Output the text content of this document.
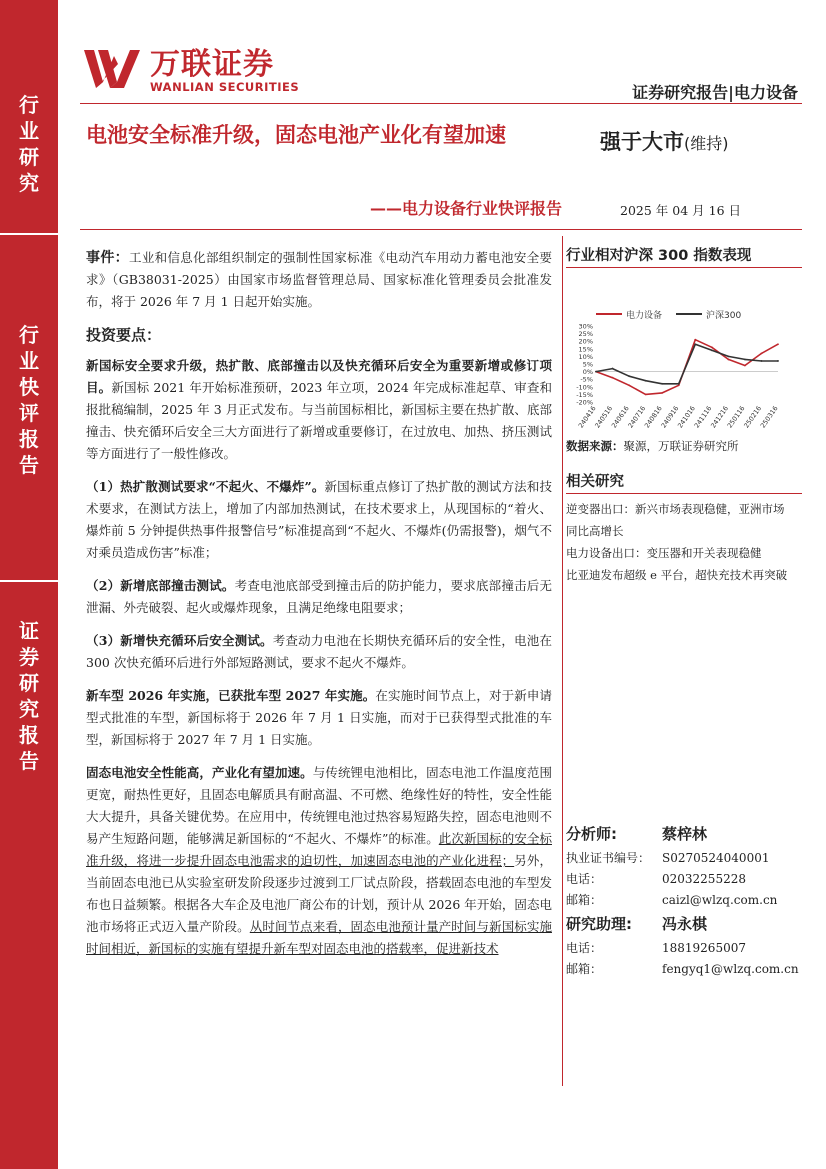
行
业
研
究
行
业
快
评
报
告
证
券
研
究
报
告
万联证券
WANLIAN SECURITIES	证券研究报告|电力设备
电池安全标准升级，固态电池产业化有望加速
——电力设备行业快评报告
强于大市(维持)
2025 年 04 月 16 日
事件：工业和信息化部组织制定的强制性国家标准《电动汽车用动力蓄电池安全要求》（GB38031-2025）由国家市场监督管理总局、国家标准化管理委员会批准发布，将于 2026 年 7 月 1 日起开始实施。
投资要点：
新国标安全要求升级，热扩散、底部撞击以及快充循环后安全为重要新增或修订项目。新国标 2021 年开始标准预研，2023 年立项，2024 年完成标准起草、审查和报批稿编制，2025 年 3 月正式发布。与当前国标相比，新国标主要在热扩散、底部撞击、快充循环后安全三大方面进行了新增或重要修订，在过放电、加热、挤压测试等方面进行了一般性修改。
（1）热扩散测试要求“不起火、不爆炸”。新国标重点修订了热扩散的测试方法和技术要求，在测试方法上，增加了内部加热测试，在技术要求上，从现国标的“着火、爆炸前 5 分钟提供热事件报警信号”标准提高到“不起火、不爆炸(仍需报警)，烟气不对乘员造成伤害”标准；
（2）新增底部撞击测试。考查电池底部受到撞击后的防护能力，要求底部撞击后无泄漏、外壳破裂、起火或爆炸现象，且满足绝缘电阻要求；
（3）新增快充循环后安全测试。考查动力电池在长期快充循环后的安全性，电池在 300 次快充循环后进行外部短路测试，要求不起火不爆炸。
新车型 2026 年实施，已获批车型 2027 年实施。在实施时间节点上，对于新申请型式批准的车型，新国标将于 2026 年 7 月 1 日实施，而对于已获得型式批准的车型，新国标将于 2027 年 7 月 1 日实施。
固态电池安全性能高，产业化有望加速。与传统锂电池相比，固态电池工作温度范围更宽，耐热性更好，且固态电解质具有耐高温、不可燃、绝缘性好的特性，安全性能大大提升，具备关键优势。在应用中，传统锂电池过热容易短路失控，固态电池则不易产生短路问题，能够满足新国标的“不起火、不爆炸”的标准。此次新国标的安全标准升级，将进一步提升固态电池需求的迫切性，加速固态电池的产业化进程；另外，当前固态电池已从实验室研发阶段逐步过渡到工厂试点阶段，搭载固态电池的车型发布也日益频繁。根据各大车企及电池厂商公布的计划，预计从 2026 年开始，固态电池市场将正式迈入量产阶段。从时间节点来看，固态电池预计量产时间与新国标实施时间相近，新国标的实施有望提升新车型对固态电池的搭载率，促进新技术
行业相对沪深 300 指数表现
电力设备	沪深300
30%
25%
20%
15%
10%
5%
0%
-5%
-10%
-15%
-20%
240416
240516
240616
240716
240816
240916
241016
241116
241216
250116
250216
250316
数据来源：聚源，万联证券研究所
相关研究
逆变器出口：新兴市场表现稳健，亚洲市场
同比高增长
电力设备出口：变压器和开关表现稳健
比亚迪发布超级 e 平台，超快充技术再突破
分析师:	蔡梓林
执业证书编号： S0270524040001
电话：	02032255228
邮箱：	caizl@wlzq.com.cn
研究助理:	冯永棋
电话：	18819265007
邮箱：	fengyq1@wlzq.com.cn
